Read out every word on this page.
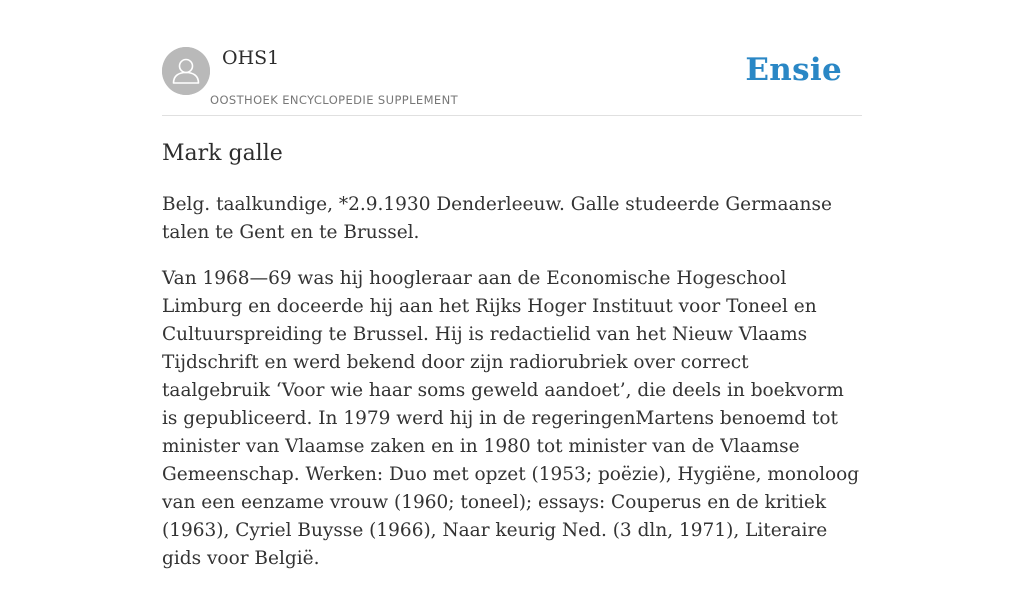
OHS1
OOSTHOEK ENCYCLOPEDIE SUPPLEMENT
Ensie
Mark galle

Belg. taalkundige, *2.9.1930 Denderleeuw. Galle studeerde Germaanse talen te Gent en te Brussel.

Van 1968—69 was hij hoogleraar aan de Economische Hogeschool Limburg en doceerde hij aan het Rijks Hoger Instituut voor Toneel en Cultuurspreiding te Brussel. Hij is redactielid van het Nieuw Vlaams Tijdschrift en werd bekend door zijn radiorubriek over correct taalgebruik ‘Voor wie haar soms geweld aandoet’, die deels in boekvorm is gepubliceerd. In 1979 werd hij in de regeringenMartens benoemd tot minister van Vlaamse zaken en in 1980 tot minister van de Vlaamse Gemeenschap. Werken: Duo met opzet (1953; poëzie), Hygiëne, monoloog van een eenzame vrouw (1960; toneel); essays: Couperus en de kritiek (1963), Cyriel Buysse (1966), Naar keurig Ned. (3 dln, 1971), Literaire gids voor België.
